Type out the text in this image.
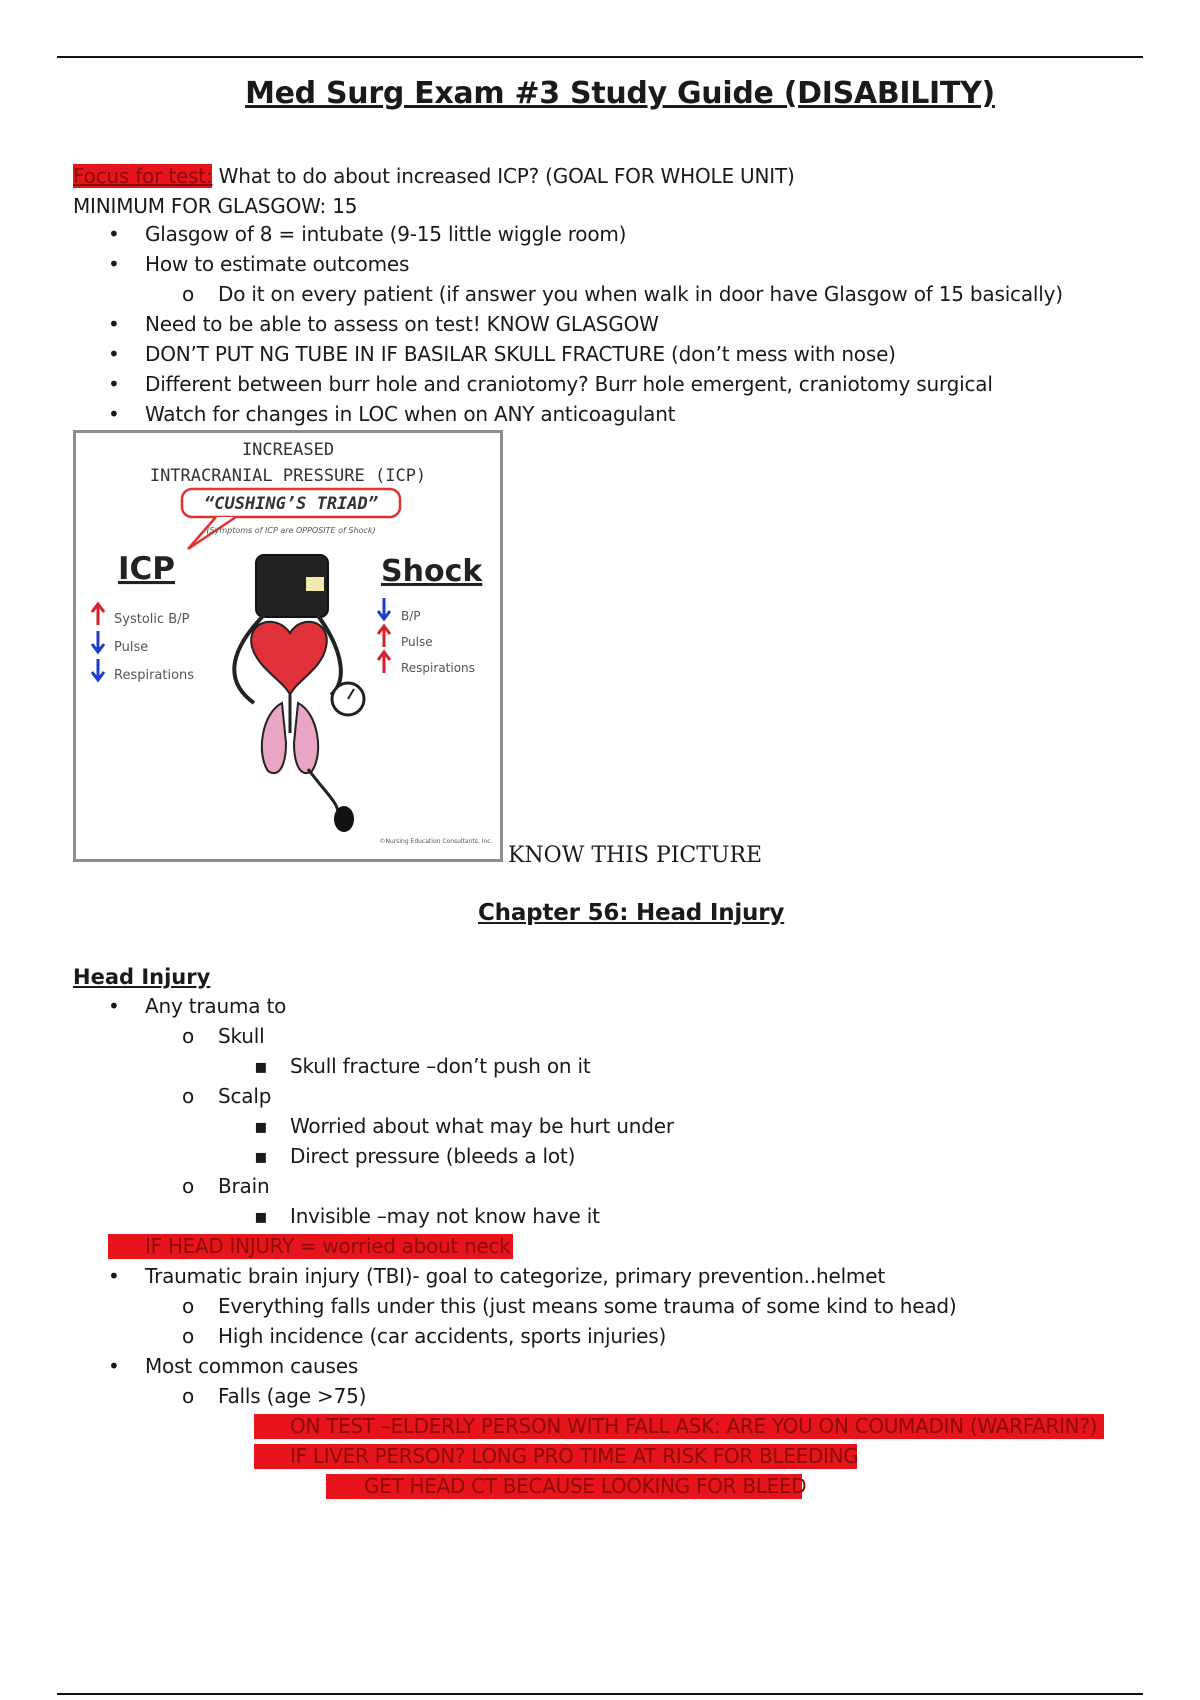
Med Surg Exam #3 Study Guide (DISABILITY)
Focus for test: What to do about increased ICP? (GOAL FOR WHOLE UNIT)
MINIMUM FOR GLASGOW: 15
•
Glasgow of 8 = intubate (9-15 little wiggle room)
•
How to estimate outcomes
o
Do it on every patient (if answer you when walk in door have Glasgow of 15 basically)
•
Need to be able to assess on test! KNOW GLASGOW
•
DON’T PUT NG TUBE IN IF BASILAR SKULL FRACTURE (don’t mess with nose)
•
Different between burr hole and craniotomy? Burr hole emergent, craniotomy surgical
•
Watch for changes in LOC when on ANY anticoagulant
INCREASED
INTRACRANIAL PRESSURE (ICP)
“CUSHING’S TRIAD”
(Symptoms of ICP are OPPOSITE of Shock)
ICP	Shock
Systolic B/P
Pulse
Respirations
B/P
Pulse
Respirations
©Nursing Education Consultants, Inc.
KNOW THIS PICTURE
Chapter 56: Head Injury
Head Injury
•
Any trauma to
o
Skull
▪
Skull fracture –don’t push on it
o
Scalp
▪
Worried about what may be hurt under
▪
Direct pressure (bleeds a lot)
o
Brain
▪
Invisible –may not know have it
IF HEAD INJURY = worried about neck
•
Traumatic brain injury (TBI)- goal to categorize, primary prevention..helmet
o
Everything falls under this (just means some trauma of some kind to head)
o
High incidence (car accidents, sports injuries)
•
Most common causes
o
Falls (age >75)
ON TEST –ELDERLY PERSON WITH FALL ASK: ARE YOU ON COUMADIN (WARFARIN?)
IF LIVER PERSON? LONG PRO TIME AT RISK FOR BLEEDING
GET HEAD CT BECAUSE LOOKING FOR BLEED
